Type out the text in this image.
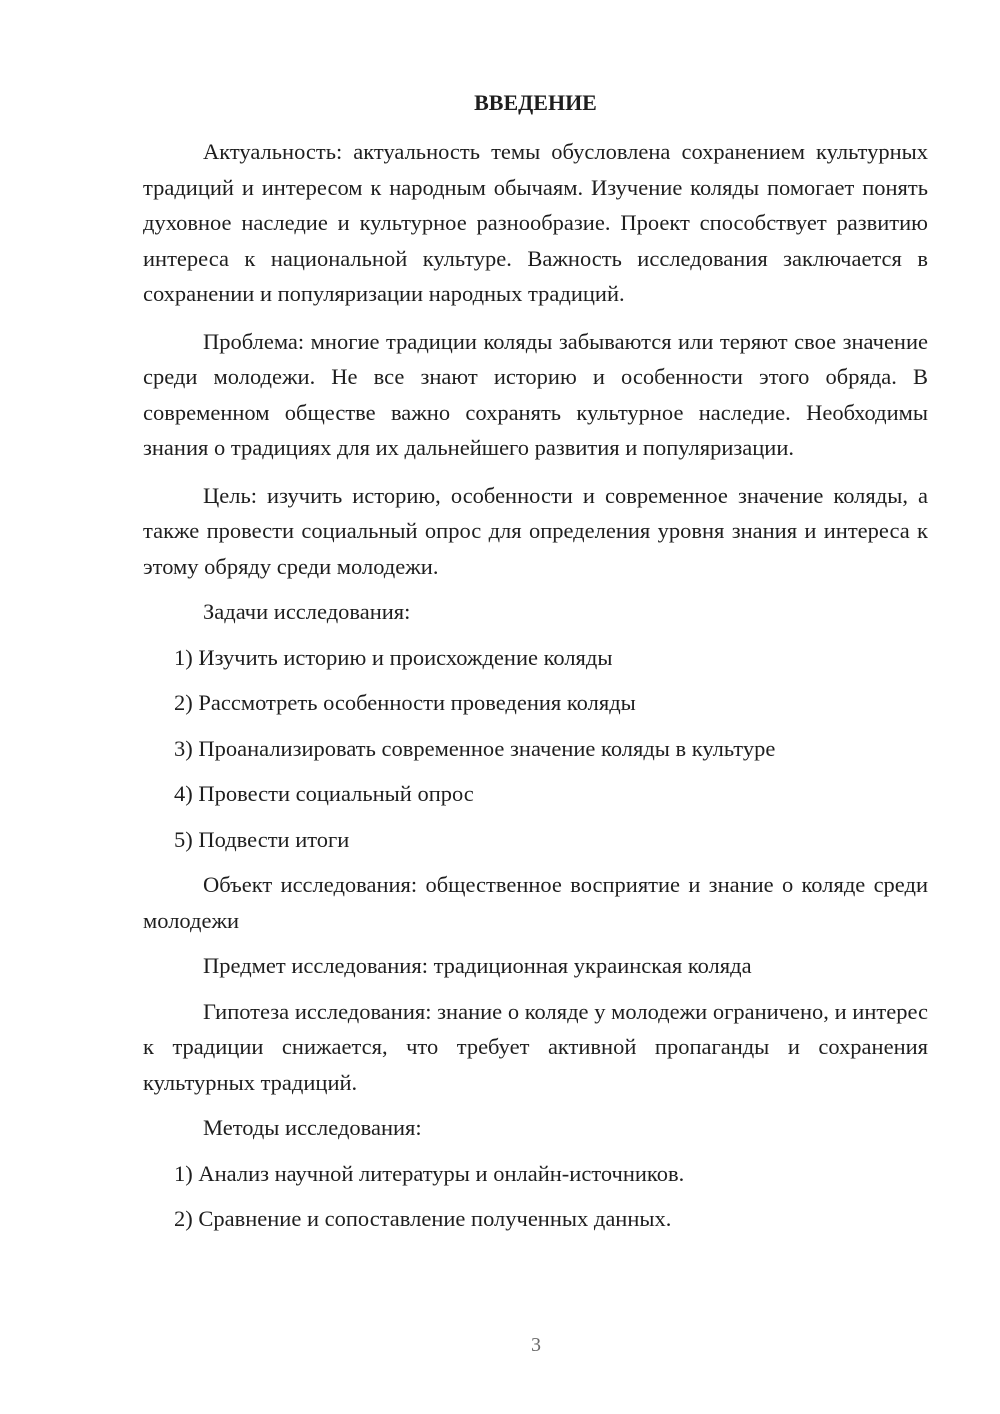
ВВЕДЕНИЕ

Актуальность: актуальность темы обусловлена сохранением культурных традиций и интересом к народным обычаям. Изучение коляды помогает понять духовное наследие и культурное разнообразие. Проект способствует развитию интереса к национальной культуре. Важность исследования заключается в сохранении и популяризации народных традиций.

Проблема: многие традиции коляды забываются или теряют свое значение среди молодежи. Не все знают историю и особенности этого обряда. В современном обществе важно сохранять культурное наследие. Необходимы знания о традициях для их дальнейшего развития и популяризации.

Цель: изучить историю, особенности и современное значение коляды, а также провести социальный опрос для определения уровня знания и интереса к этому обряду среди молодежи.

Задачи исследования:

1) Изучить историю и происхождение коляды
2) Рассмотреть особенности проведения коляды
3) Проанализировать современное значение коляды в культуре
4) Провести социальный опрос
5) Подвести итоги

Объект исследования: общественное восприятие и знание о коляде среди молодежи

Предмет исследования: традиционная украинская коляда

Гипотеза исследования: знание о коляде у молодежи ограничено, и интерес к традиции снижается, что требует активной пропаганды и сохранения культурных традиций.

Методы исследования:

1) Анализ научной литературы и онлайн-источников.
2) Сравнение и сопоставление полученных данных.
3
